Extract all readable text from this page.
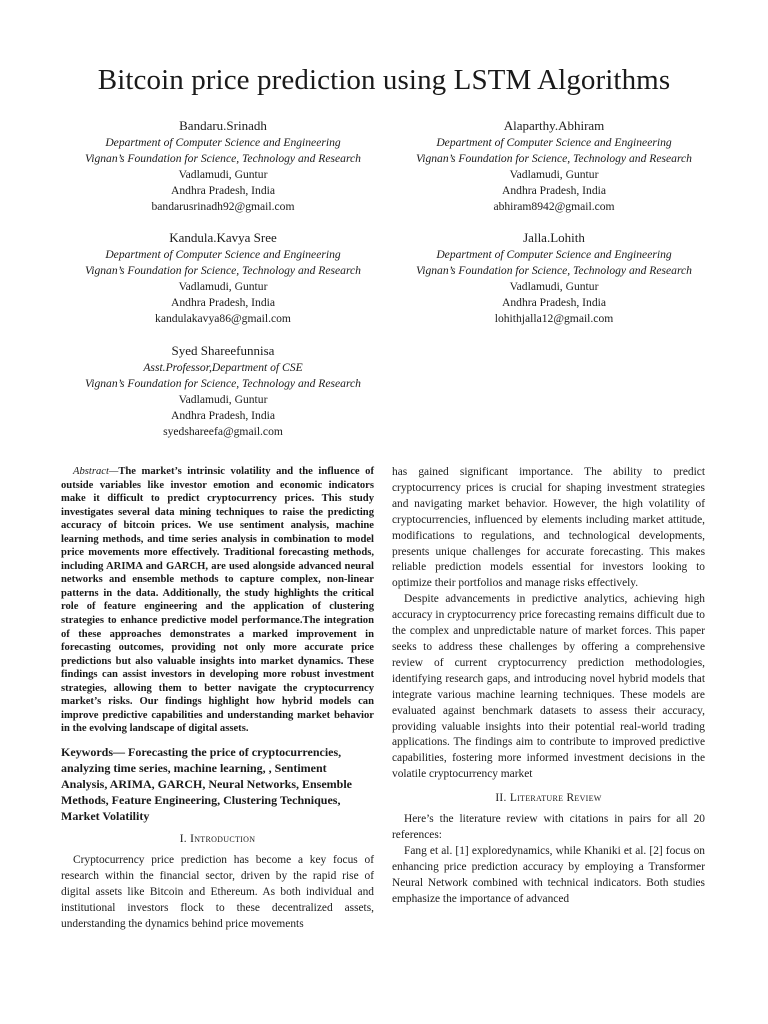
Bitcoin price prediction using LSTM Algorithms
Bandaru.Srinadh
Department of Computer Science and Engineering
Vignan’s Foundation for Science, Technology and Research
Vadlamudi, Guntur
Andhra Pradesh, India
bandarusrinadh92@gmail.com
Alaparthy.Abhiram
Department of Computer Science and Engineering
Vignan’s Foundation for Science, Technology and Research
Vadlamudi, Guntur
Andhra Pradesh, India
abhiram8942@gmail.com
Kandula.Kavya Sree
Department of Computer Science and Engineering
Vignan’s Foundation for Science, Technology and Research
Vadlamudi, Guntur
Andhra Pradesh, India
kandulakavya86@gmail.com
Jalla.Lohith
Department of Computer Science and Engineering
Vignan’s Foundation for Science, Technology and Research
Vadlamudi, Guntur
Andhra Pradesh, India
lohithjalla12@gmail.com
Syed Shareefunnisa
Asst.Professor,Department of CSE
Vignan’s Foundation for Science, Technology and Research
Vadlamudi, Guntur
Andhra Pradesh, India
syedshareefa@gmail.com

Abstract—The market’s intrinsic volatility and the influence of outside variables like investor emotion and economic indicators make it difficult to predict cryptocurrency prices. This study investigates several data mining techniques to raise the predicting accuracy of bitcoin prices. We use sentiment analysis, machine learning methods, and time series analysis in combination to model price movements more effectively. Traditional forecasting methods, including ARIMA and GARCH, are used alongside advanced neural networks and ensemble methods to capture complex, non-linear patterns in the data. Additionally, the study highlights the critical role of feature engineering and the application of clustering strategies to enhance predictive model performance.The integration of these approaches demonstrates a marked improvement in forecasting outcomes, providing not only more accurate price predictions but also valuable insights into market dynamics. These findings can assist investors in developing more robust investment strategies, allowing them to better navigate the cryptocurrency market’s risks. Our findings highlight how hybrid models can improve predictive capabilities and understanding market behavior in the evolving landscape of digital assets.

Keywords— Forecasting the price of cryptocurrencies, analyzing time series, machine learning, , Sentiment Analysis, ARIMA, GARCH, Neural Networks, Ensemble Methods, Feature Engineering, Clustering Techniques, Market Volatility

I. Introduction

Cryptocurrency price prediction has become a key focus of research within the financial sector, driven by the rapid rise of digital assets like Bitcoin and Ethereum. As both individual and institutional investors flock to these decentralized assets, understanding the dynamics behind price movements

has gained significant importance. The ability to predict cryptocurrency prices is crucial for shaping investment strategies and navigating market behavior. However, the high volatility of cryptocurrencies, influenced by elements including market attitude, modifications to regulations, and technological developments, presents unique challenges for accurate forecasting. This makes reliable prediction models essential for investors looking to optimize their portfolios and manage risks effectively.

Despite advancements in predictive analytics, achieving high accuracy in cryptocurrency price forecasting remains difficult due to the complex and unpredictable nature of market forces. This paper seeks to address these challenges by offering a comprehensive review of current cryptocurrency prediction methodologies, identifying research gaps, and introducing novel hybrid models that integrate various machine learning techniques. These models are evaluated against benchmark datasets to assess their accuracy, providing valuable insights into their potential real-world trading applications. The findings aim to contribute to improved predictive capabilities, fostering more informed investment decisions in the volatile cryptocurrency market

II. Literature Review

Here’s the literature review with citations in pairs for all 20 references:

Fang et al. [1] exploredynamics, while Khaniki et al. [2] focus on enhancing price prediction accuracy by employing a Transformer Neural Network combined with technical indicators. Both studies emphasize the importance of advanced
